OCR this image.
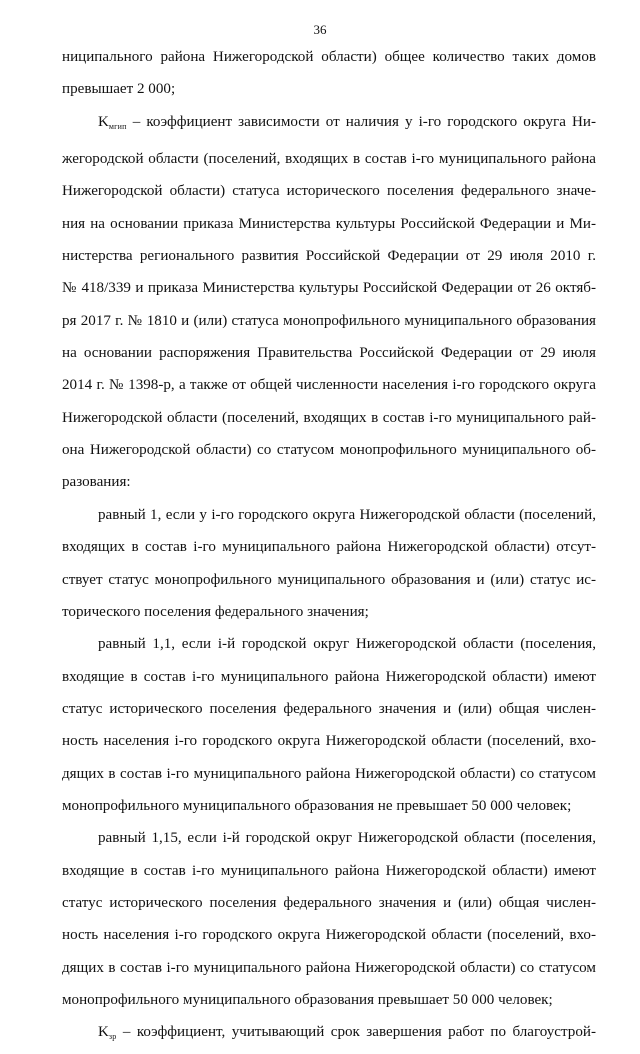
36
ниципального района Нижегородской области) общее количество таких домов
превышает 2 000;
$K_{мгип}$ – коэффициент зависимости от наличия у i-го городского округа Ни-
жегородской области (поселений, входящих в состав i-го муниципального района
Нижегородской области) статуса исторического поселения федерального значе-
ния на основании приказа Министерства культуры Российской Федерации и Ми-
нистерства регионального развития Российской Федерации от 29 июля 2010 г.
№ 418/339 и приказа Министерства культуры Российской Федерации от 26 октяб-
ря 2017 г. № 1810 и (или) статуса монопрофильного муниципального образования
на основании распоряжения Правительства Российской Федерации от 29 июля
2014 г. № 1398-р, а также от общей численности населения i-го городского округа
Нижегородской области (поселений, входящих в состав i-го муниципального рай-
она Нижегородской области) со статусом монопрофильного муниципального об-
разования:
равный 1, если у i-го городского округа Нижегородской области (поселений,
входящих в состав i-го муниципального района Нижегородской области) отсут-
ствует статус монопрофильного муниципального образования и (или) статус ис-
торического поселения федерального значения;
равный 1,1, если i-й городской округ Нижегородской области (поселения,
входящие в состав i-го муниципального района Нижегородской области) имеют
статус исторического поселения федерального значения и (или) общая числен-
ность населения i-го городского округа Нижегородской области (поселений, вхо-
дящих в состав i-го муниципального района Нижегородской области) со статусом
монопрофильного муниципального образования не превышает 50 000 человек;
равный 1,15, если i-й городской округ Нижегородской области (поселения,
входящие в состав i-го муниципального района Нижегородской области) имеют
статус исторического поселения федерального значения и (или) общая числен-
ность населения i-го городского округа Нижегородской области (поселений, вхо-
дящих в состав i-го муниципального района Нижегородской области) со статусом
монопрофильного муниципального образования превышает 50 000 человек;
$K_{зр}$ – коэффициент, учитывающий срок завершения работ по благоустрой-
